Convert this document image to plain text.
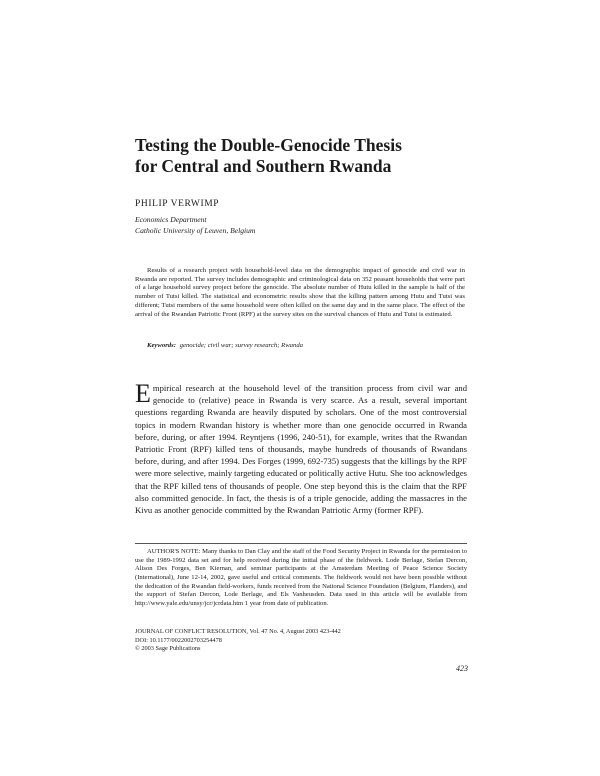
Testing the Double-Genocide Thesis
for Central and Southern Rwanda

PHILIP VERWIMP

Economics Department
Catholic University of Leuven, Belgium

Results of a research project with household-level data on the demographic impact of genocide and civil war in Rwanda are reported. The survey includes demographic and criminological data on 352 peasant households that were part of a large household survey project before the genocide. The absolute number of Hutu killed in the sample is half of the number of Tutsi killed. The statistical and econometric results show that the killing pattern among Hutu and Tutsi was different; Tutsi members of the same household were often killed on the same day and in the same place. The effect of the arrival of the Rwandan Patriotic Front (RPF) at the survey sites on the survival chances of Hutu and Tutsi is estimated.

Keywords: genocide; civil war; survey research; Rwanda

Empirical research at the household level of the transition process from civil war and genocide to (relative) peace in Rwanda is very scarce. As a result, several important questions regarding Rwanda are heavily disputed by scholars. One of the most controversial topics in modern Rwandan history is whether more than one genocide occurred in Rwanda before, during, or after 1994. Reyntjens (1996, 240-51), for example, writes that the Rwandan Patriotic Front (RPF) killed tens of thousands, maybe hundreds of thousands of Rwandans before, during, and after 1994. Des Forges (1999, 692-735) suggests that the killings by the RPF were more selective, mainly targeting educated or politically active Hutu. She too acknowledges that the RPF killed tens of thousands of people. One step beyond this is the claim that the RPF also committed genocide. In fact, the thesis is of a triple genocide, adding the massacres in the Kivu as another genocide committed by the Rwandan Patriotic Army (former RPF).

AUTHOR'S NOTE: Many thanks to Dan Clay and the staff of the Food Security Project in Rwanda for the permission to use the 1989-1992 data set and for help received during the initial phase of the fieldwork. Lode Berlage, Stefan Dercon, Alison Des Forges, Ben Kiernan, and seminar participants at the Amsterdam Meeting of Peace Science Society (International), June 12-14, 2002, gave useful and critical comments. The fieldwork would not have been possible without the dedication of the Rwandan field-workers, funds received from the National Science Foundation (Belgium, Flanders), and the support of Stefan Dercon, Lode Berlage, and Els Vanheusden. Data used in this article will be available from http://www.yale.edu/unsy/jcr/jcrdata.htm 1 year from date of publication.

JOURNAL OF CONFLICT RESOLUTION, Vol. 47 No. 4, August 2003 423-442
DOI: 10.1177/0022002703254478
© 2003 Sage Publications
423
